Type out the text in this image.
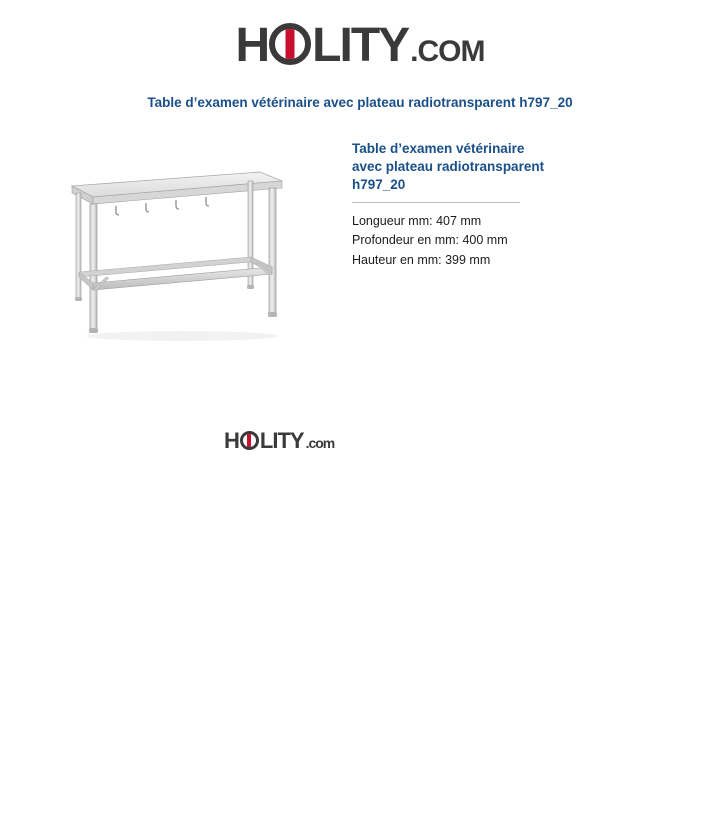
H LITY .COM
Table d’examen vétérinaire avec plateau radiotransparent h797_20
Table d’examen vétérinaire
avec plateau radiotransparent
h797_20
Longueur mm: 407 mm
Profondeur en mm: 400 mm
Hauteur en mm: 399 mm
H LITY .com
